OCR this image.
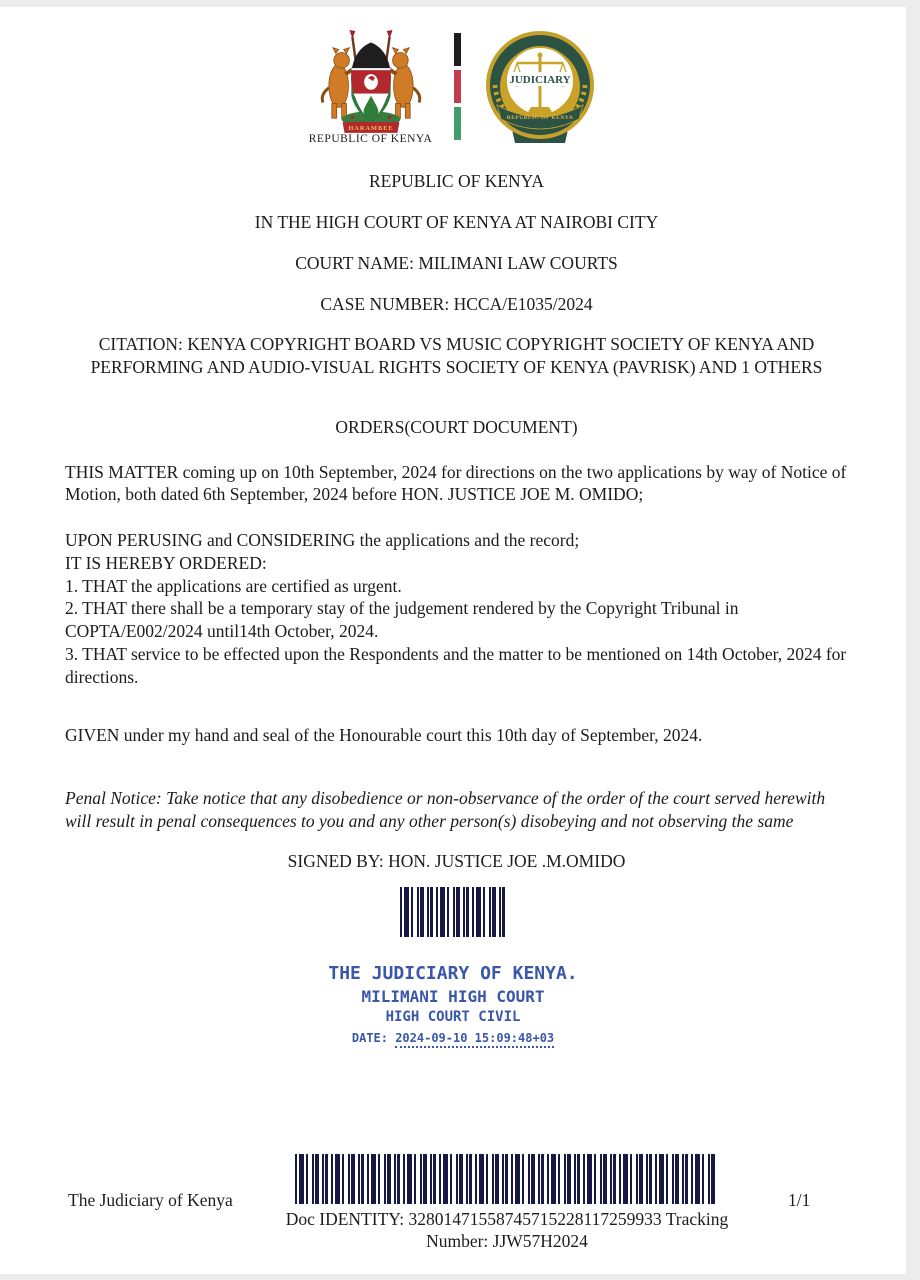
HARAMBEE
REPUBLIC OF KENYA
JUDICIARY
REPUBLIC OF KENYA
REPUBLIC OF KENYA
IN THE HIGH COURT OF KENYA AT NAIROBI CITY
COURT NAME: MILIMANI LAW COURTS
CASE NUMBER: HCCA/E1035/2024
CITATION: KENYA COPYRIGHT BOARD VS MUSIC COPYRIGHT SOCIETY OF KENYA AND PERFORMING AND AUDIO-VISUAL RIGHTS SOCIETY OF KENYA (PAVRISK) AND 1 OTHERS
ORDERS(COURT DOCUMENT)

THIS MATTER coming up on 10th September, 2024 for directions on the two applications by way of Notice of Motion, both dated 6th September, 2024 before HON. JUSTICE JOE M. OMIDO;

UPON PERUSING and CONSIDERING the applications and the record;

IT IS HEREBY ORDERED:

1. THAT the applications are certified as urgent.
2. THAT there shall be a temporary stay of the judgement rendered by the Copyright Tribunal in COPTA/E002/2024 until14th October, 2024.
3. THAT service to be effected upon the Respondents and the matter to be mentioned on 14th October, 2024 for directions.

GIVEN under my hand and seal of the Honourable court this 10th day of September, 2024.

Penal Notice: Take notice that any disobedience or non-observance of the order of the court served herewith will result in penal consequences to you and any other person(s) disobeying and not observing the same

SIGNED BY: HON. JUSTICE JOE .M.OMIDO

THE JUDICIARY OF KENYA.
MILIMANI HIGH COURT
HIGH COURT CIVIL
DATE: 2024-09-10 15:09:48+03
The Judiciary of Kenya	1/1
Doc IDENTITY: 32801471558745715228117259933 Tracking Number: JJW57H2024
